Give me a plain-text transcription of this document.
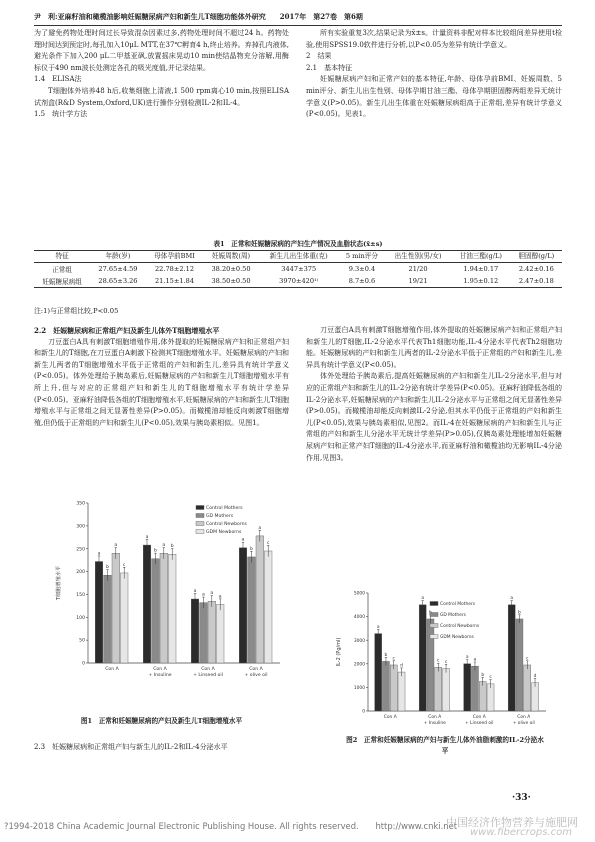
尹　利:亚麻籽油和橄榄油影响妊娠糖尿病产妇和新生儿T细胞功能体外研究　　2017年　第27卷　第6期

为了避免药物处理时间过长导致混杂因素过多,药物处理时间不超过24 h。药物处理时间达到预定时,每孔加入10μL MTT,在37℃孵育4 h,终止培养。弃掉孔内液体,避光条件下加入200 μL二甲基亚砜,放置摇床晃动10 min使结晶物充分溶解,用酶标仪于490 nm波长处测定各孔的吸光度值,并记录结果。

1.4　ELISA法

T细胞体外培养48 h后,收集细胞上清液,1 500 rpm离心10 min,按照ELISA试剂盒(R&D System,Oxford,UK)进行操作分别检测IL-2和IL-4。

1.5　统计学方法

所有实验重复3次,结果记录为x̄±s。计量资料非配对样本比较组间差异使用t检验,使用SPSS19.0软件进行分析,以P<0.05为差异有统计学意义。

2　结果

2.1　基本特征

妊娠糖尿病产妇和正常产妇的基本特征,年龄、母体孕前BMI、妊娠周数、5 min评分、新生儿出生性别、母体孕期甘油三酯、母体孕期胆固醇两组差异无统计学意义(P>0.05)。新生儿出生体重在妊娠糖尿病组高于正常组,差异有统计学意义(P<0.05)。见表1。

表1　正常和妊娠糖尿病的产妇生产情况及血脂状态(x̄±s)
特征	年龄(岁)	母体孕前BMI	妊娠周数(周)	新生儿出生体重(克)	5 min评分	出生性别(男/女)	甘油三酯(g/L)	胆固醇(g/L)
正常组	27.65±4.59	22.78±2.12	38.20±0.50	3447±375	9.3±0.4	21/20	1.94±0.17	2.42±0.16
妊娠糖尿病组	28.65±3.26	21.15±1.84	38.50±0.50	3970±420¹⁾	8.7±0.6	19/21	1.95±0.12	2.47±0.18
注:1)与正常组比较,P<0.05

2.2　妊娠糖尿病和正常组产妇及新生儿体外T细胞增殖水平

刀豆蛋白A具有刺激T细胞增殖作用,体外提取的妊娠糖尿病产妇和正常组产妇和新生儿的T细胞,在刀豆蛋白A刺激下检测其T细胞增殖水平。妊娠糖尿病的产妇和新生儿两者的T细胞增殖水平低于正常组的产妇和新生儿,差异具有统计学意义(P<0.05)。体外处理给予胰岛素后,妊娠糖尿病的产妇和新生儿T细胞增殖水平有所上升,但与对应的正常组产妇和新生儿的T细胞增殖水平有统计学差异(P<0.05)。亚麻籽油降低各组的T细胞增殖水平,妊娠糖尿病的产妇和新生儿T细胞增殖水平与正常组之间无显著性差异(P>0.05)。而橄榄油却能反向刺激T细胞增殖,但仍低于正常组的产妇和新生儿(P<0.05),效果与胰岛素相似。见图1。

刀豆蛋白A具有刺激T细胞增殖作用,体外提取的妊娠糖尿病产妇和正常组产妇和新生儿的T细胞,IL-2分泌水平代表Th1细胞功能,IL-4分泌水平代表Th2细胞功能。妊娠糖尿病的产妇和新生儿两者的IL-2分泌水平低于正常组的产妇和新生儿,差异具有统计学意义(P<0.05)。

体外处理给予胰岛素后,提高妊娠糖尿病的产妇和新生儿IL-2分泌水平,但与对应的正常组产妇和新生儿的IL-2分泌有统计学差异(P<0.05)。亚麻籽油降低各组的IL-2分泌水平,妊娠糖尿病的产妇和新生儿IL-2分泌水平与正常组之间无显著性差异(P>0.05)。而橄榄油却能反向刺激IL-2分泌,但其水平仍低于正常组的产妇和新生儿(P<0.05),效果与胰岛素相似,见图2。而IL-4在妊娠糖尿病的产妇和新生儿与正常组的产妇和新生儿分泌水平无统计学差异(P>0.05),仅胰岛素处理能增加妊娠糖尿病产妇和正常产妇T细胞的IL-4分泌水平,而亚麻籽油和橄榄油均无影响IL-4分泌作用,见图3。

0
50
100
150
200
250
300
350
T细胞增殖水平
a
b
a
c
Con A
a
b
a b
Con A
+ Insuline
a
a a
a
Con A
+ Linseed oil
a
b
a
c
Con A
+ olive oil
Control Mothers
GD Mothers
Control Newborns
GDM Newborns
图1　正常和妊娠糖尿病的产妇及新生儿T细胞增殖水平

2.3　妊娠糖尿病和正常组产妇与新生儿的IL-2和IL-4分泌水平

0
1000
2000
3000
4000
5000
IL-2 (Pg/ml)
a
b
c
d
Con A
a
c c
Con A
+ Insuline
a a
b c
Con A
+ Linseed oil
a
b
c
d
Con A
+ olive oil
Control Mothers
GD Mothers
Control Newborns
GDM Newborns
图2　正常和妊娠糖尿病的产妇与新生儿体外油脂刺激的IL-2分泌水平
·33·
?1994-2018 China Academic Journal Electronic Publishing House. All rights reserved.　　http://www.cnki.net
中国经济作物营养与施肥网
www.fibercrops.com
